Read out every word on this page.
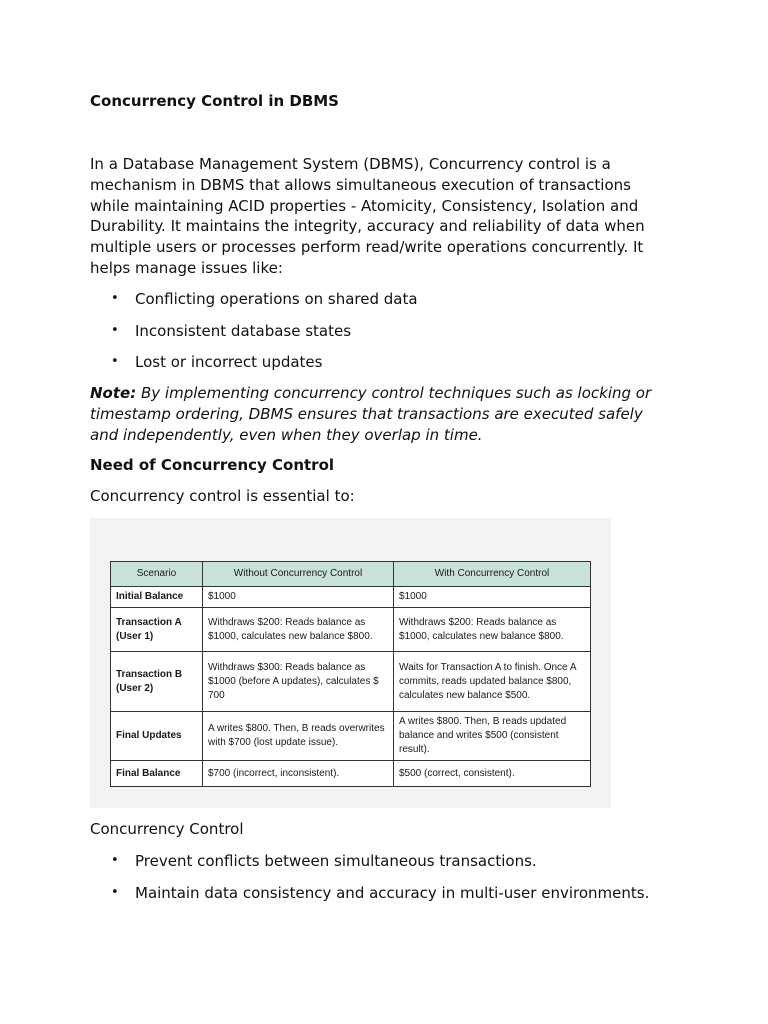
Concurrency Control in DBMS

In a Database Management System (DBMS), Concurrency control is a mechanism in DBMS that allows simultaneous execution of transactions while maintaining ACID properties - Atomicity, Consistency, Isolation and Durability. It maintains the integrity, accuracy and reliability of data when multiple users or processes perform read/write operations concurrently. It helps manage issues like:

• Conflicting operations on shared data
• Inconsistent database states
• Lost or incorrect updates

Note: By implementing concurrency control techniques such as locking or timestamp ordering, DBMS ensures that transactions are executed safely and independently, even when they overlap in time.

Need of Concurrency Control
Concurrency control is essential to:
Scenario	Without Concurrency Control	With Concurrency Control
Initial Balance	$1000	$1000
Transaction A (User 1)	Withdraws $200: Reads balance as $1000, calculates new balance $800.	Withdraws $200: Reads balance as $1000, calculates new balance $800.
Transaction B (User 2)	Withdraws $300: Reads balance as $1000 (before A updates), calculates $ 700	Waits for Transaction A to finish. Once A commits, reads updated balance $800, calculates new balance $500.
Final Updates	A writes $800. Then, B reads overwrites with $700 (lost update issue).	A writes $800. Then, B reads updated balance and writes $500 (consistent result).
Final Balance	$700 (incorrect, inconsistent).	$500 (correct, consistent).
Concurrency Control
• Prevent conflicts between simultaneous transactions.
• Maintain data consistency and accuracy in multi-user environments.
